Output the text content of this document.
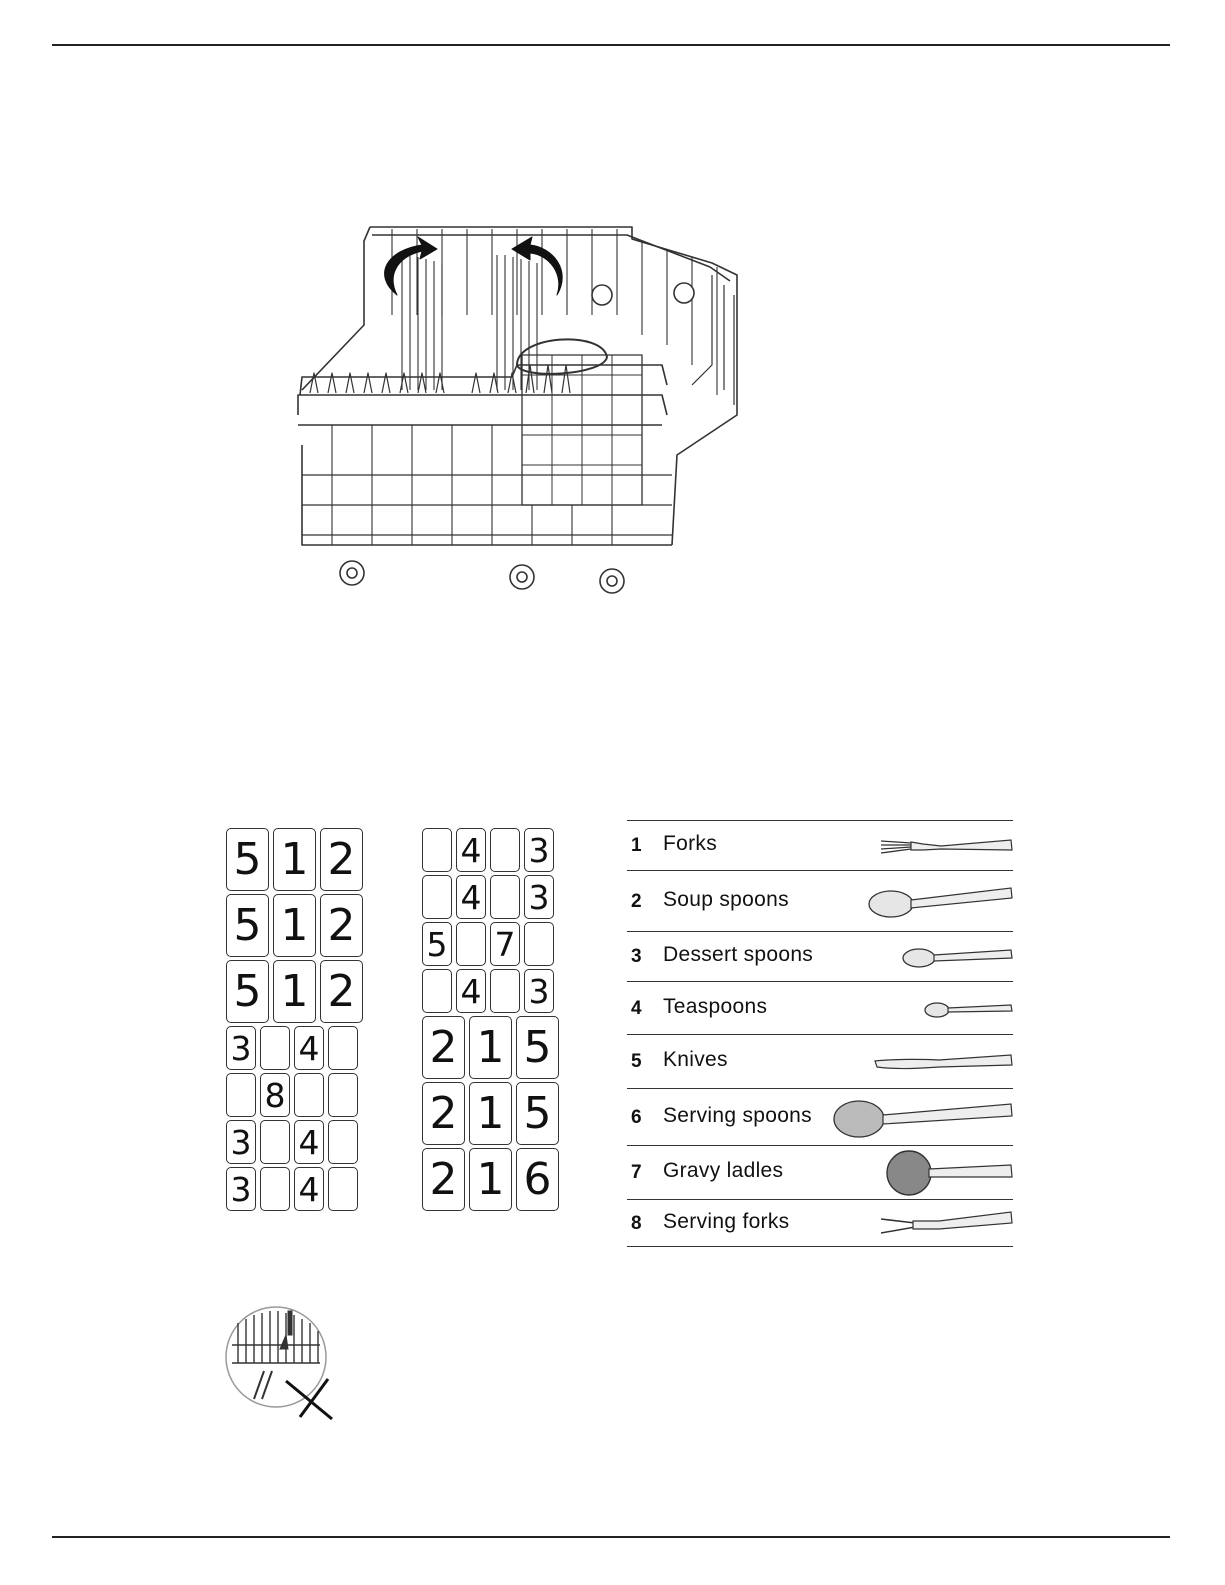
5 1 2
5 1 2
5 1 2
3 4
8
3 4
3 4
4 3
4 3
5 7
4 3
2 1 5
2 1 5
2 1 6
1 Forks
2 Soup spoons
3 Dessert spoons
4 Teaspoons
5 Knives
6 Serving spoons
7 Gravy ladles
8 Serving forks
